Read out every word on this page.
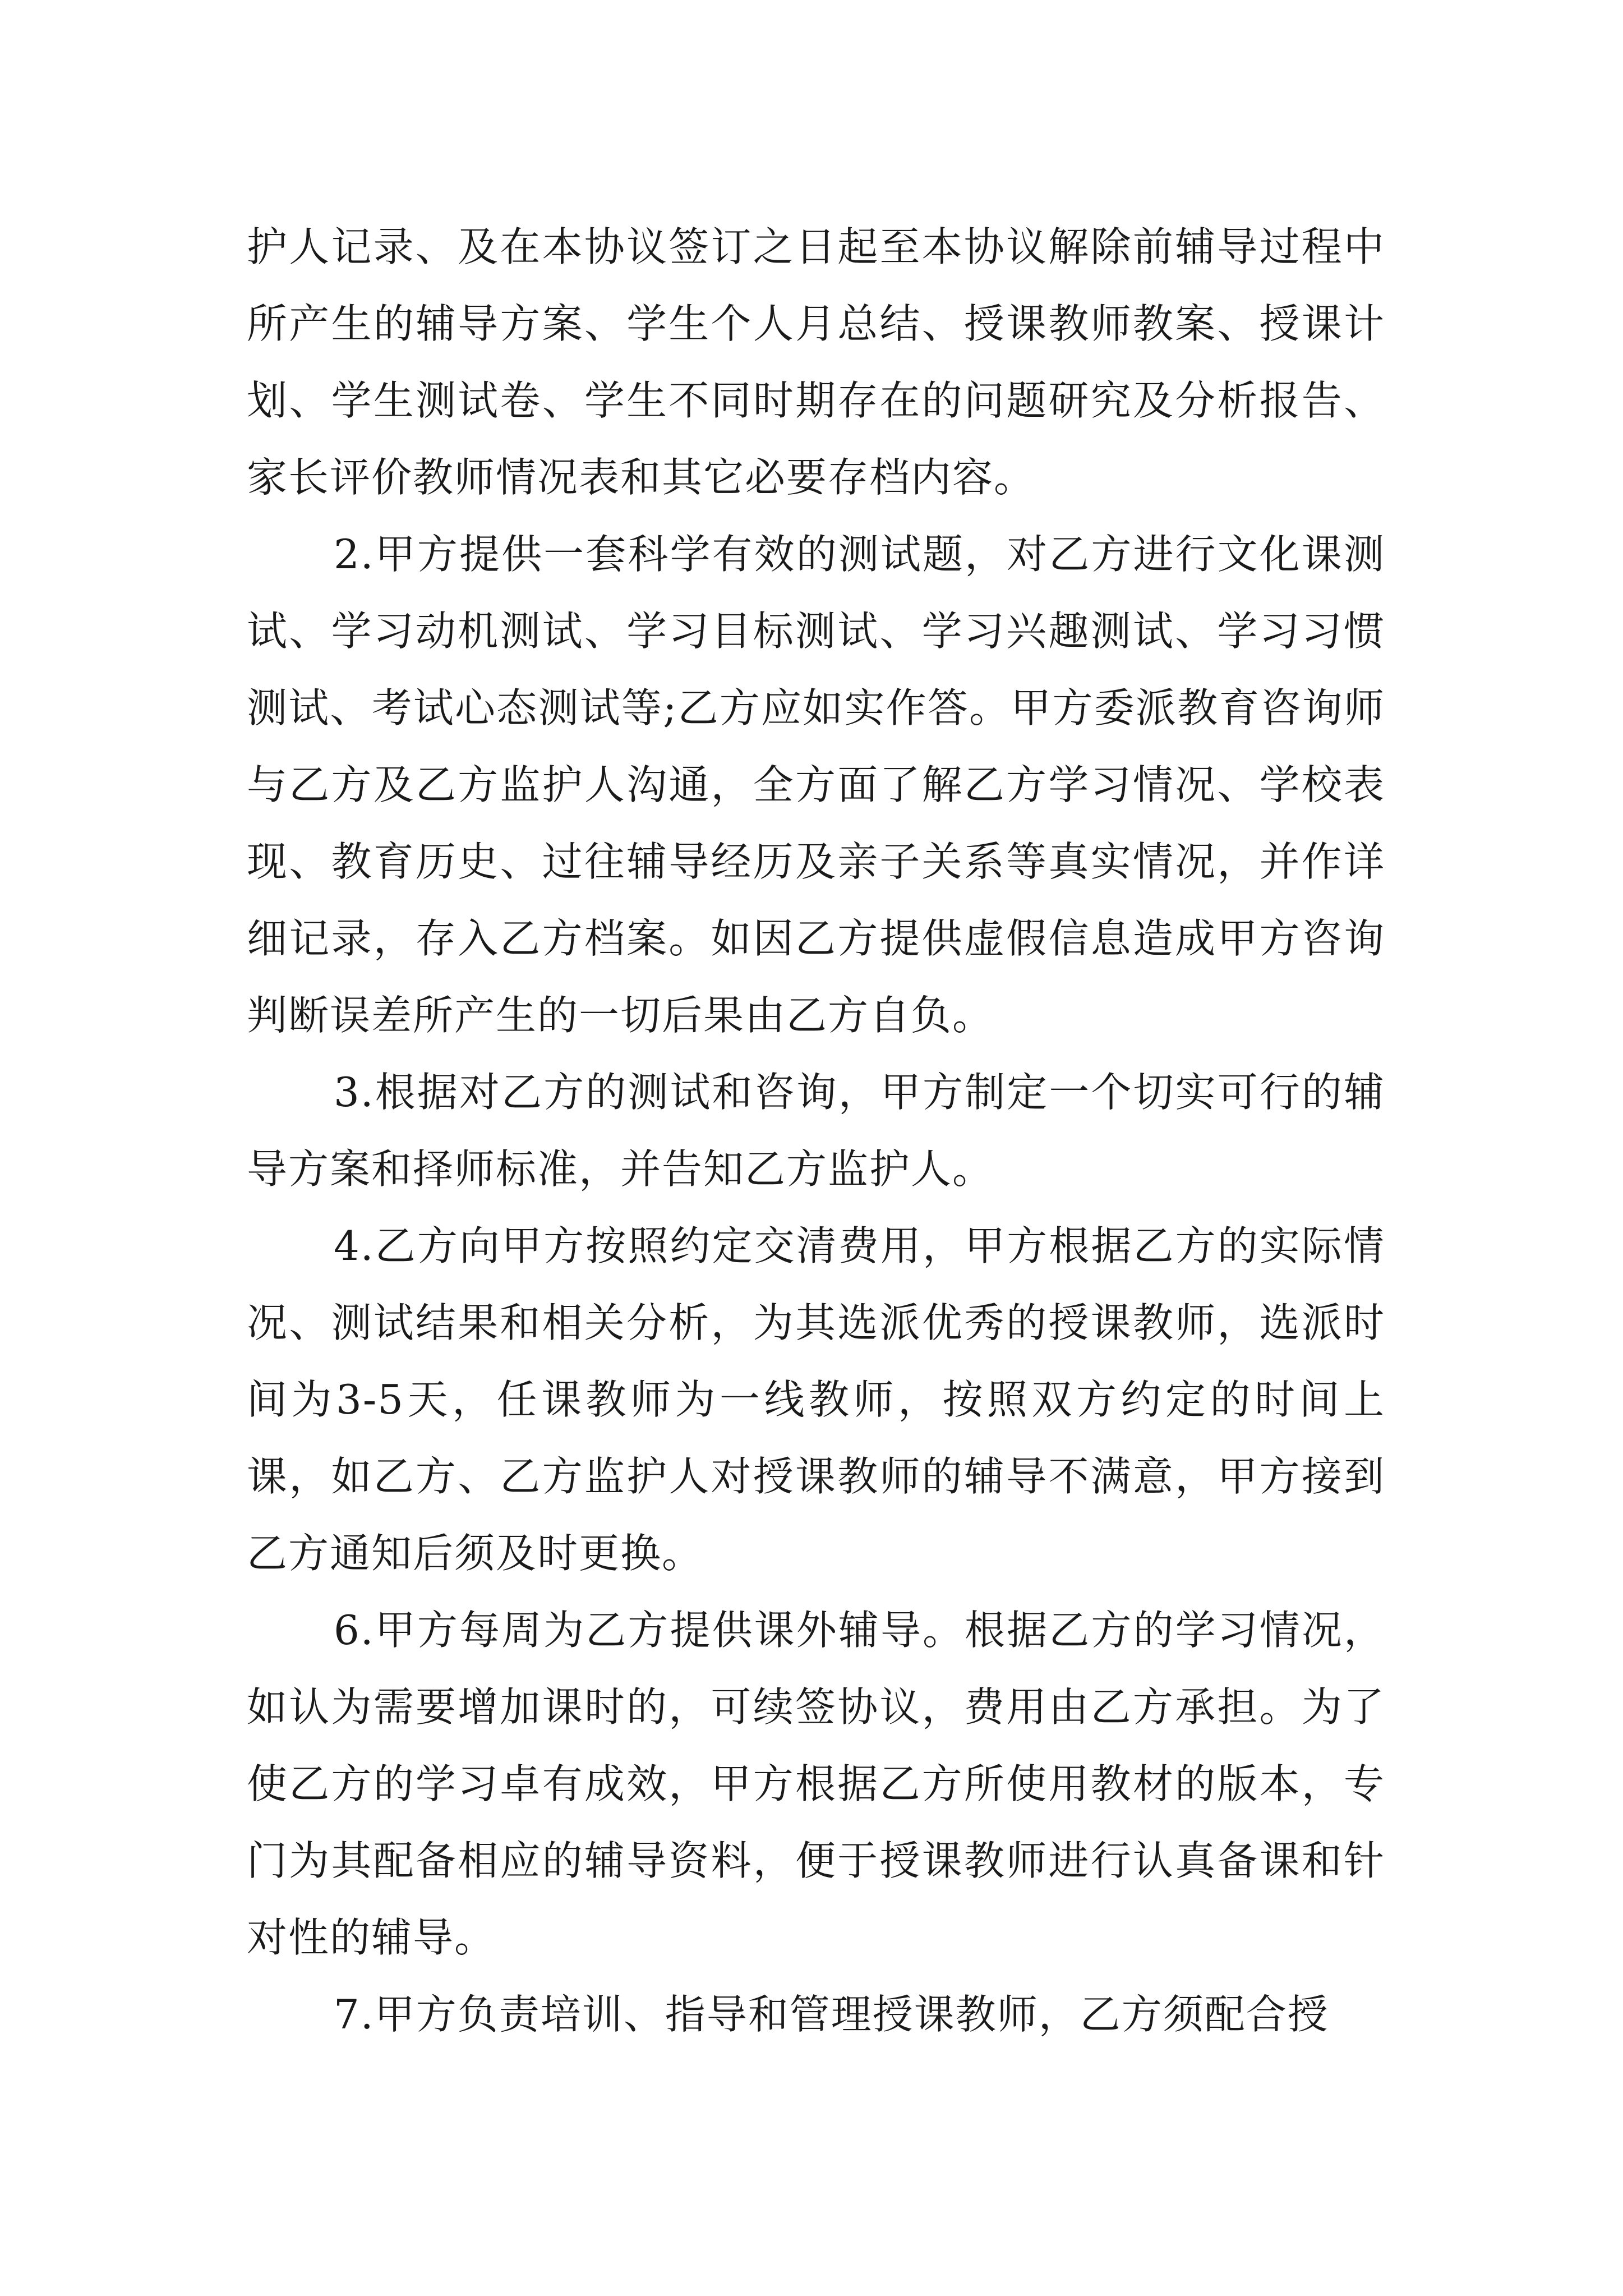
护人记录、及在本协议签订之日起至本协议解除前辅导过程中所产生的辅导方案、学生个人月总结、授课教师教案、授课计划、学生测试卷、学生不同时期存在的问题研究及分析报告、家长评价教师情况表和其它必要存档内容。

2.甲方提供一套科学有效的测试题，对乙方进行文化课测试、学习动机测试、学习目标测试、学习兴趣测试、学习习惯测试、考试心态测试等;乙方应如实作答。甲方委派教育咨询师与乙方及乙方监护人沟通，全方面了解乙方学习情况、学校表现、教育历史、过往辅导经历及亲子关系等真实情况，并作详细记录，存入乙方档案。如因乙方提供虚假信息造成甲方咨询判断误差所产生的一切后果由乙方自负。

3.根据对乙方的测试和咨询，甲方制定一个切实可行的辅导方案和择师标准，并告知乙方监护人。

4.乙方向甲方按照约定交清费用，甲方根据乙方的实际情况、测试结果和相关分析，为其选派优秀的授课教师，选派时间为3-5天，任课教师为一线教师，按照双方约定的时间上课，如乙方、乙方监护人对授课教师的辅导不满意，甲方接到乙方通知后须及时更换。

6.甲方每周为乙方提供课外辅导。根据乙方的学习情况，如认为需要增加课时的，可续签协议，费用由乙方承担。为了使乙方的学习卓有成效，甲方根据乙方所使用教材的版本，专门为其配备相应的辅导资料，便于授课教师进行认真备课和针对性的辅导。

7.甲方负责培训、指导和管理授课教师，乙方须配合授
